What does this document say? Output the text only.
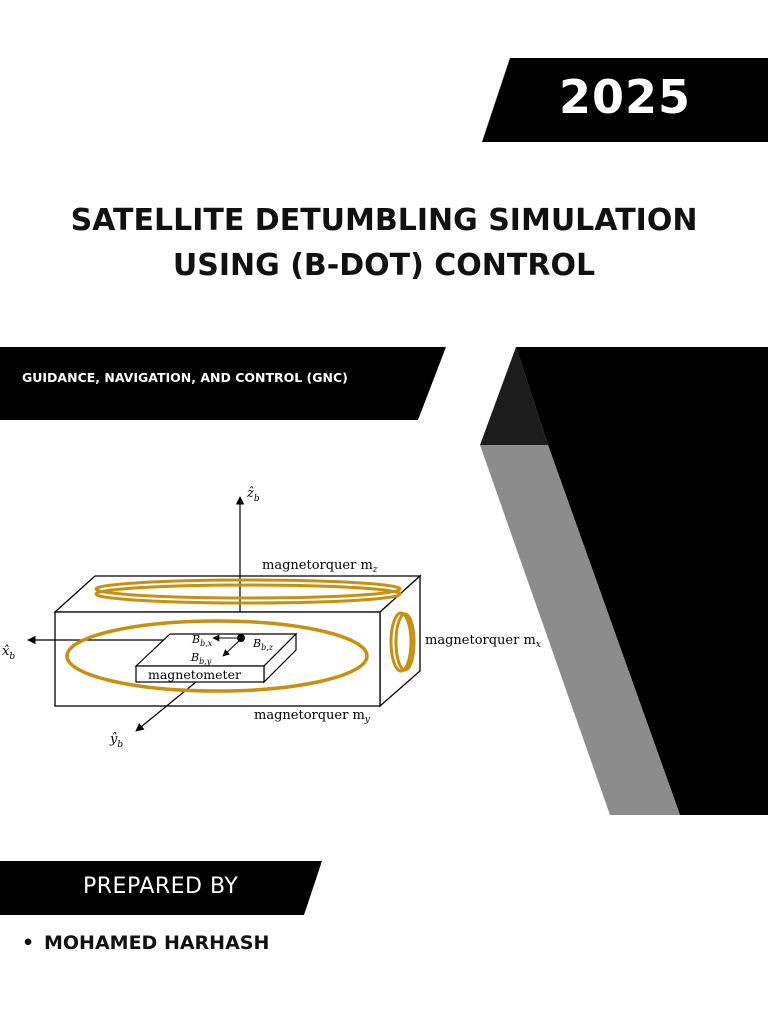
2025
SATELLITE DETUMBLING SIMULATION
USING (B-DOT) CONTROL
GUIDANCE, NAVIGATION, AND CONTROL (GNC)
magnetometer
$B_{b,x}$	$B_{b,z}$
$B_{b,y}$
ẑ$_b$
$x̂_b$
$ŷ_b$
magnetorquer $m_z$
magnetorquer $m_x$
magnetorquer $m_y$
PREPARED BY
• MOHAMED HARHASH
